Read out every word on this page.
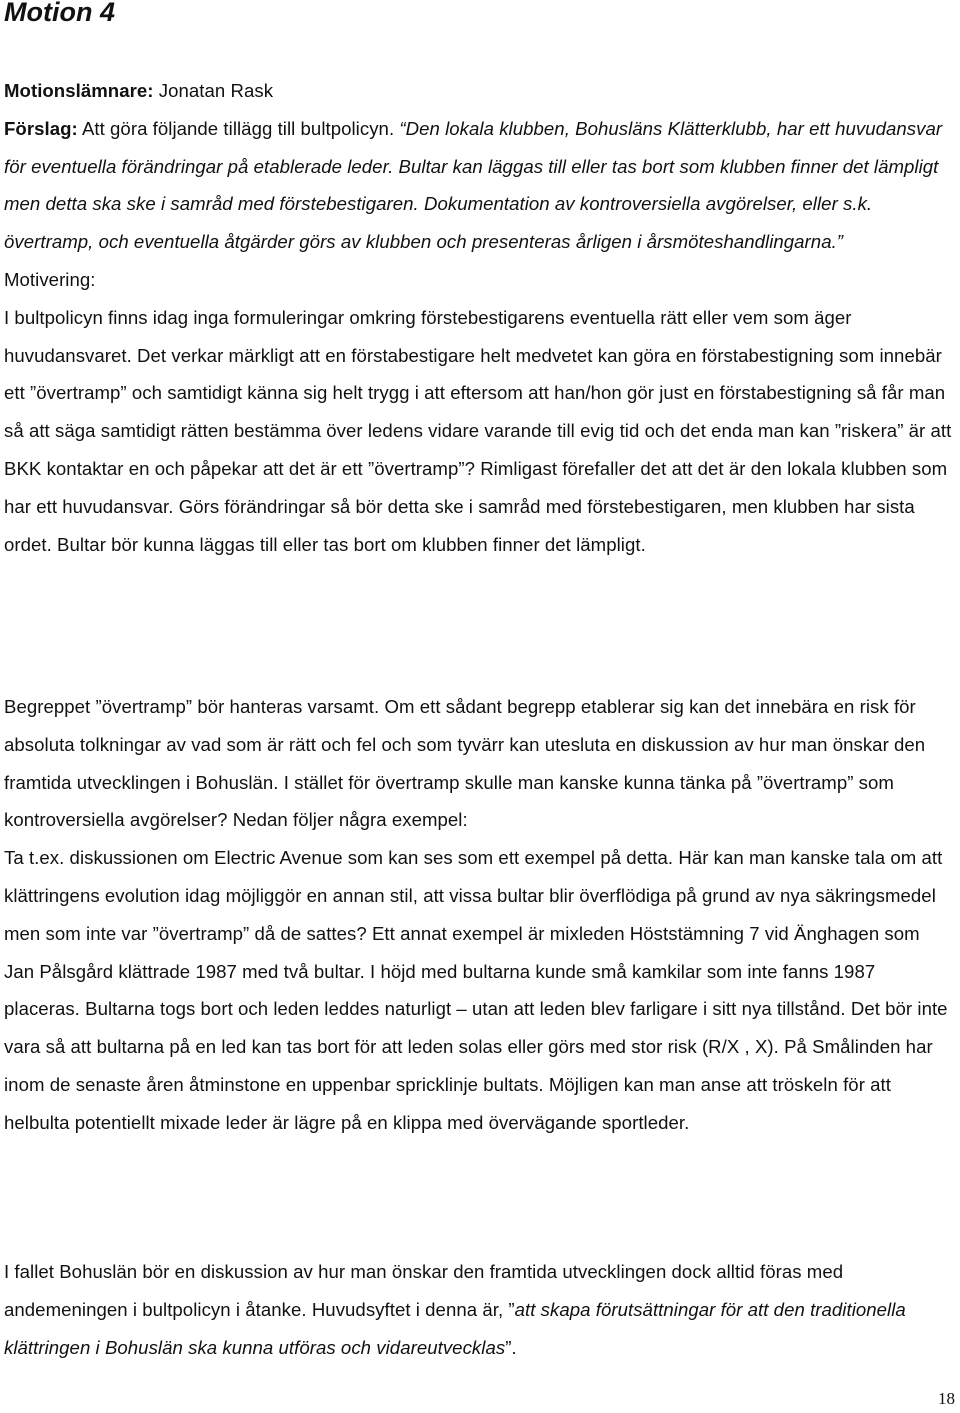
Motion 4

Motionslämnare: Jonatan Rask

Förslag: Att göra följande tillägg till bultpolicyn. “Den lokala klubben, Bohusläns Klätterklubb, har ett huvudansvar för eventuella förändringar på etablerade leder. Bultar kan läggas till eller tas bort som klubben finner det lämpligt men detta ska ske i samråd med förstebestigaren. Dokumentation av kontroversiella avgörelser, eller s.k. övertramp, och eventuella åtgärder görs av klubben och presenteras årligen i årsmöteshandlingarna.”

Motivering:

I bultpolicyn finns idag inga formuleringar omkring förstebestigarens eventuella rätt eller vem som äger huvudansvaret. Det verkar märkligt att en förstabestigare helt medvetet kan göra en förstabestigning som innebär ett ”övertramp” och samtidigt känna sig helt trygg i att eftersom att han/hon gör just en förstabestigning så får man så att säga samtidigt rätten bestämma över ledens vidare varande till evig tid och det enda man kan ”riskera” är att BKK kontaktar en och påpekar att det är ett ”övertramp”? Rimligast förefaller det att det är den lokala klubben som har ett huvudansvar. Görs förändringar så bör detta ske i samråd med förstebestigaren, men klubben har sista ordet. Bultar bör kunna läggas till eller tas bort om klubben finner det lämpligt.

Begreppet ”övertramp” bör hanteras varsamt. Om ett sådant begrepp etablerar sig kan det innebära en risk för absoluta tolkningar av vad som är rätt och fel och som tyvärr kan utesluta en diskussion av hur man önskar den framtida utvecklingen i Bohuslän. I stället för övertramp skulle man kanske kunna tänka på ”övertramp” som kontroversiella avgörelser? Nedan följer några exempel:

Ta t.ex. diskussionen om Electric Avenue som kan ses som ett exempel på detta. Här kan man kanske tala om att klättringens evolution idag möjliggör en annan stil, att vissa bultar blir överflödiga på grund av nya säkringsmedel men som inte var ”övertramp” då de sattes? Ett annat exempel är mixleden Höststämning 7 vid Änghagen som Jan Pålsgård klättrade 1987 med två bultar. I höjd med bultarna kunde små kamkilar som inte fanns 1987 placeras. Bultarna togs bort och leden leddes naturligt – utan att leden blev farligare i sitt nya tillstånd. Det bör inte vara så att bultarna på en led kan tas bort för att leden solas eller görs med stor risk (R/X , X). På Smålinden har inom de senaste åren åtminstone en uppenbar spricklinje bultats. Möjligen kan man anse att tröskeln för att helbulta potentiellt mixade leder är lägre på en klippa med övervägande sportleder.

I fallet Bohuslän bör en diskussion av hur man önskar den framtida utvecklingen dock alltid föras med andemeningen i bultpolicyn i åtanke. Huvudsyftet i denna är, ”att skapa förutsättningar för att den traditionella klättringen i Bohuslän ska kunna utföras och vidareutvecklas”.

18
